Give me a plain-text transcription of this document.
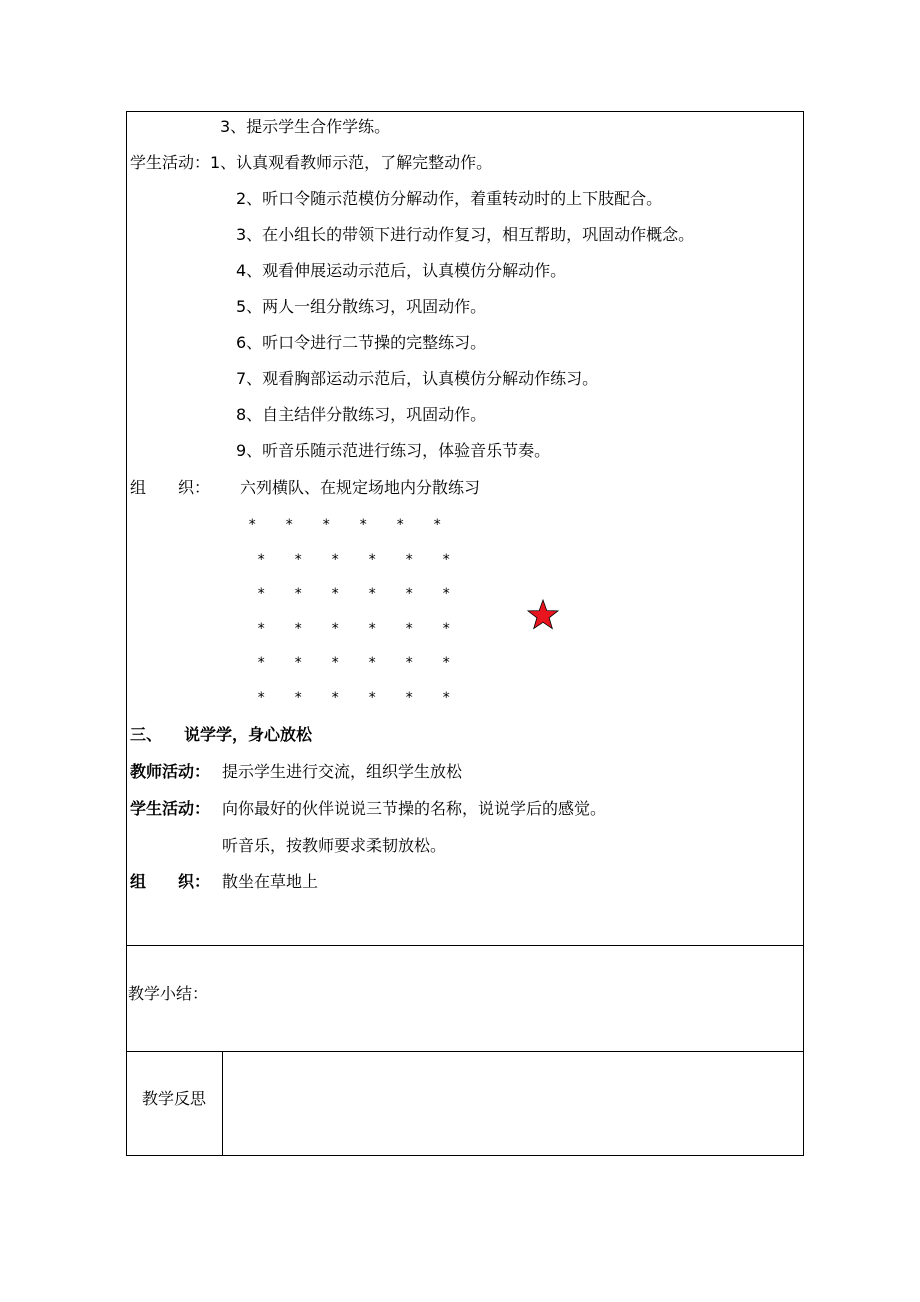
3、提示学生合作学练。
学生活动：1、认真观看教师示范，了解完整动作。
2、听口令随示范模仿分解动作，着重转动时的上下肢配合。
3、在小组长的带领下进行动作复习，相互帮助，巩固动作概念。
4、观看伸展运动示范后，认真模仿分解动作。
5、两人一组分散练习，巩固动作。
6、听口令进行二节操的完整练习。
7、观看胸部运动示范后，认真模仿分解动作练习。
8、自主结伴分散练习，巩固动作。
9、听音乐随示范进行练习，体验音乐节奏。
组　　织： 六列横队、在规定场地内分散练习
* * * * * *
* * * * * *
* * * * * *
* * * * * *
* * * * * *
* * * * * *
三、 说学学，身心放松
教师活动： 提示学生进行交流，组织学生放松
学生活动： 向你最好的伙伴说说三节操的名称，说说学后的感觉。
听音乐，按教师要求柔韧放松。
组　　织： 散坐在草地上
教学小结：
教学反思
